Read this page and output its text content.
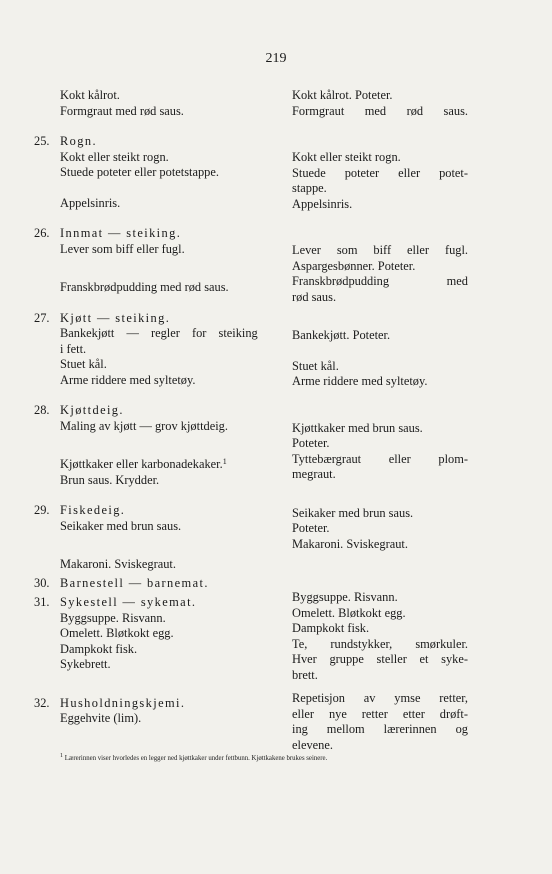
219
Kokt kålrot.
Formgraut med rød saus.
25. Rogn.
Kokt eller steikt rogn.
Stuede poteter eller potetstappe.
Appelsinris.
26. Innmat — steiking.
Lever som biff eller fugl.
Franskbrødpudding med rød saus.
27. Kjøtt — steiking.
Bankekjøtt — regler for steiking
i fett.
Stuet kål.
Arme riddere med syltetøy.
28. Kjøttdeig.
Maling av kjøtt — grov kjøttdeig.
Kjøttkaker eller karbonadekaker.$^1$
Brun saus. Krydder.
29. Fiskedeig.
Seikaker med brun saus.
Makaroni. Sviskegraut.
30. Barnestell — barnemat.
31. Sykestell — sykemat.
Byggsuppe. Risvann.
Omelett. Bløtkokt egg.
Dampkokt fisk.
Sykebrett.
32. Husholdningskjemi.
Eggehvite (lim).
Kokt kålrot. Poteter.
Formgraut med rød saus.
Kokt eller steikt rogn.
Stuede poteter eller potet-
stappe.
Appelsinris.
Lever som biff eller fugl.
Aspargesbønner. Poteter.
Franskbrødpudding med
rød saus.
Bankekjøtt. Poteter.
Stuet kål.
Arme riddere med syltetøy.
Kjøttkaker med brun saus.
Poteter.
Tyttebærgraut eller plom-
megraut.
Seikaker med brun saus.
Poteter.
Makaroni. Sviskegraut.
Byggsuppe. Risvann.
Omelett. Bløtkokt egg.
Dampkokt fisk.
Te, rundstykker, smørkuler.
Hver gruppe steller et syke-
brett.
Repetisjon av ymse retter,
eller nye retter etter drøft-
ing mellom lærerinnen og
elevene.
$^1$ Lærerinnen viser hvorledes en legger ned kjøttkaker under fettbunn. Kjøttkakene brukes seinere.
